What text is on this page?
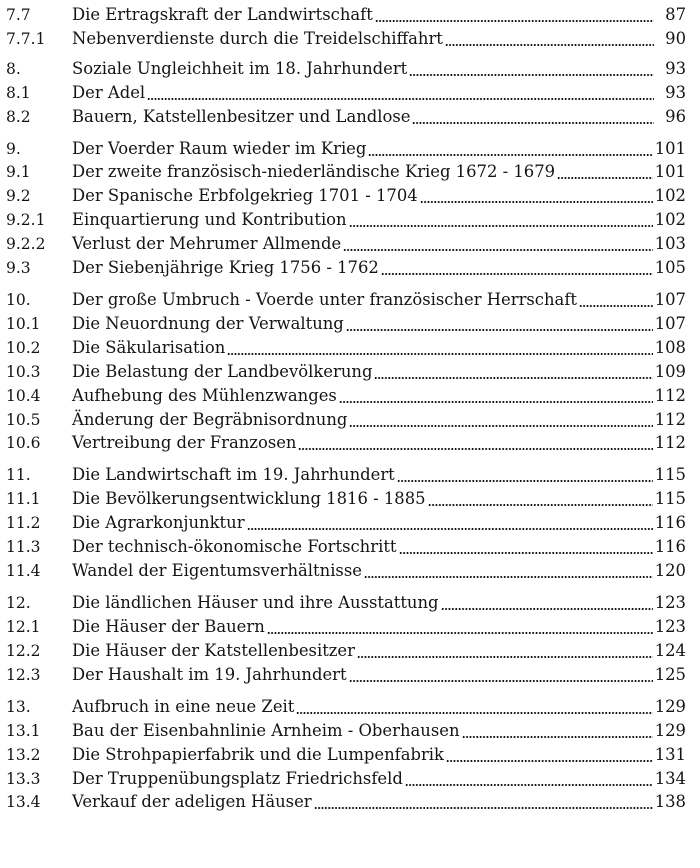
7.7	Die Ertragskraft der Landwirtschaft	87
7.7.1	Nebenverdienste durch die Treidelschiffahrt	90
8.	Soziale Ungleichheit im 18. Jahrhundert	93
8.1	Der Adel	93
8.2	Bauern, Katstellenbesitzer und Landlose	96
9.	Der Voerder Raum wieder im Krieg	101
9.1	Der zweite französisch-niederländische Krieg 1672 - 1679	101
9.2	Der Spanische Erbfolgekrieg 1701 - 1704	102
9.2.1	Einquartierung und Kontribution	102
9.2.2	Verlust der Mehrumer Allmende	103
9.3	Der Siebenjährige Krieg 1756 - 1762	105
10.	Der große Umbruch - Voerde unter französischer Herrschaft	107
10.1	Die Neuordnung der Verwaltung	107
10.2	Die Säkularisation	108
10.3	Die Belastung der Landbevölkerung	109
10.4	Aufhebung des Mühlenzwanges	112
10.5	Änderung der Begräbnisordnung	112
10.6	Vertreibung der Franzosen	112
11.	Die Landwirtschaft im 19. Jahrhundert	115
11.1	Die Bevölkerungsentwicklung 1816 - 1885	115
11.2	Die Agrarkonjunktur	116
11.3	Der technisch-ökonomische Fortschritt	116
11.4	Wandel der Eigentumsverhältnisse	120
12.	Die ländlichen Häuser und ihre Ausstattung	123
12.1	Die Häuser der Bauern	123
12.2	Die Häuser der Katstellenbesitzer	124
12.3	Der Haushalt im 19. Jahrhundert	125
13.	Aufbruch in eine neue Zeit	129
13.1	Bau der Eisenbahnlinie Arnheim - Oberhausen	129
13.2	Die Strohpapierfabrik und die Lumpenfabrik	131
13.3	Der Truppenübungsplatz Friedrichsfeld	134
13.4	Verkauf der adeligen Häuser	138
